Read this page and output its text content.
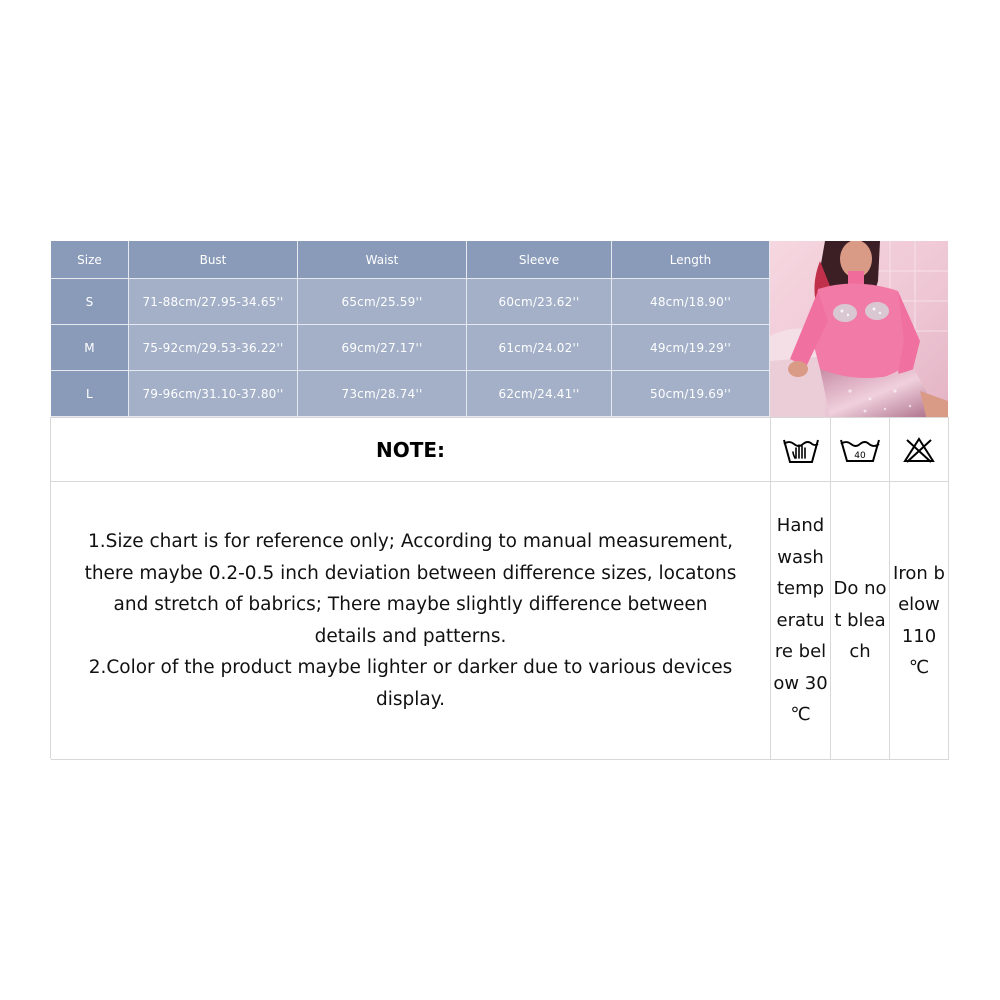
Size	Bust	Waist	Sleeve	Length
S	71-88cm/27.95-34.65''	65cm/25.59''	60cm/23.62''	48cm/18.90''
M	75-92cm/29.53-36.22''	69cm/27.17''	61cm/24.02''	49cm/19.29''
L	79-96cm/31.10-37.80''	73cm/28.74''	62cm/24.41''	50cm/19.69''
NOTE:	40
1.Size chart is for reference only; According to manual measurement,
there maybe 0.2-0.5 inch deviation between difference sizes, locatons
and stretch of babrics; There maybe slightly difference between
details and patterns.
2.Color of the product maybe lighter or darker due to various devices
display.
Hand wash temperature below 30 ℃
Do not bleach
Iron below 110 ℃
